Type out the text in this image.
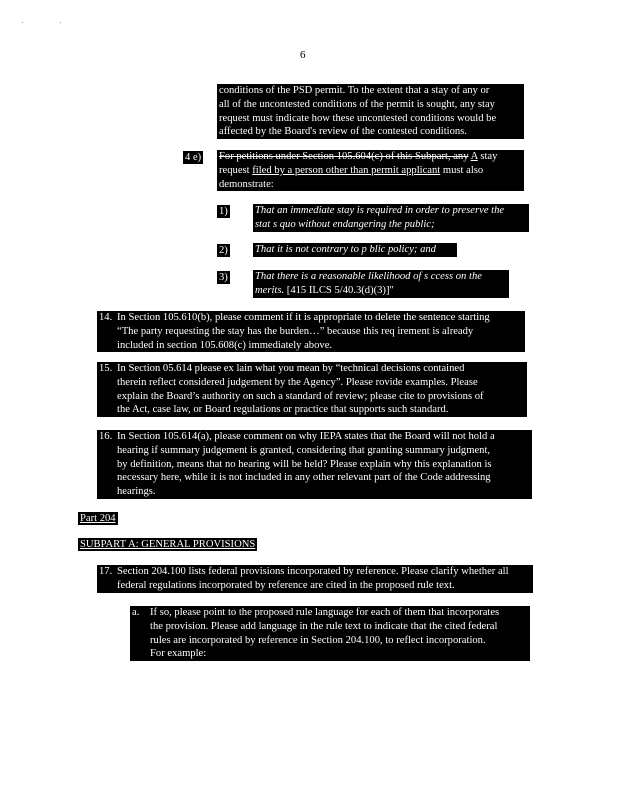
6
conditions of the PSD permit. To the extent that a stay of any or
all of the uncontested conditions of the permit is sought, any stay
request must indicate how these uncontested conditions would be
affected by the Board's review of the contested conditions.
4 e) For petitions under Section 105.604(c) of this Subpart, any A stay
request filed by a person other than permit applicant must also
demonstrate:
1)	That an immediate stay is required in order to preserve the
stat s quo without endangering the public;
2)	That it is not contrary to p blic policy; and
3)	That there is a reasonable likelihood of s ccess on the
merits. [415 ILCS 5/40.3(d)(3)]"
14. In Section 105.610(b), please comment if it is appropriate to delete the sentence starting
“The party requesting the stay has the burden…” because this req irement is already
included in section 105.608(c) immediately above.
15. In Section 05.614 please ex lain what you mean by “technical decisions contained
therein reflect considered judgement by the Agency”. Please rovide examples. Please
explain the Board’s authority on such a standard of review; please cite to provisions of
the Act, case law, or Board regulations or practice that supports such standard.
16. In Section 105.614(a), please comment on why IEPA states that the Board will not hold a
hearing if summary judgement is granted, considering that granting summary judgment,
by definition, means that no hearing will be held? Please explain why this explanation is
necessary here, while it is not included in any other relevant part of the Code addressing
hearings.
Part 204
SUBPART A: GENERAL PROVISIONS
17. Section 204.100 lists federal provisions incorporated by reference. Please clarify whether all
federal regulations incorporated by reference are cited in the proposed rule text.
a. If so, please point to the proposed rule language for each of them that incorporates
the provision. Please add language in the rule text to indicate that the cited federal
rules are incorporated by reference in Section 204.100, to reflect incorporation.
For example:
